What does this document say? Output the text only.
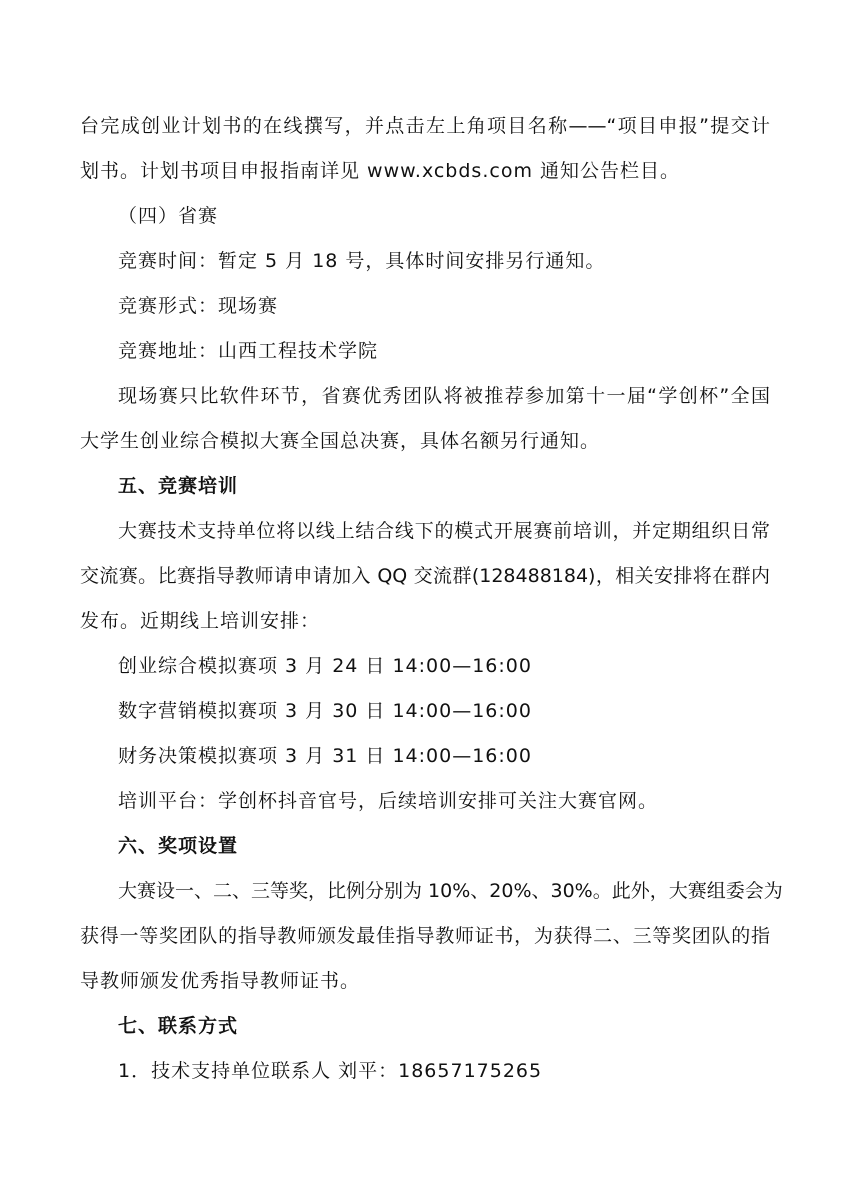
台完成创业计划书的在线撰写，并点击左上角项目名称——“项目申报”提交计
划书。计划书项目申报指南详见 www.xcbds.com 通知公告栏目。
（四）省赛
竞赛时间：暂定 5 月 18 号，具体时间安排另行通知。
竞赛形式：现场赛
竞赛地址：山西工程技术学院
现场赛只比软件环节，省赛优秀团队将被推荐参加第十一届“学创杯”全国
大学生创业综合模拟大赛全国总决赛，具体名额另行通知。
五、竞赛培训
大赛技术支持单位将以线上结合线下的模式开展赛前培训，并定期组织日常
交流赛。比赛指导教师请申请加入 QQ 交流群(128488184)，相关安排将在群内
发布。近期线上培训安排：
创业综合模拟赛项 3 月 24 日 14:00—16:00
数字营销模拟赛项 3 月 30 日 14:00—16:00
财务决策模拟赛项 3 月 31 日 14:00—16:00
培训平台：学创杯抖音官号，后续培训安排可关注大赛官网。
六、奖项设置
大赛设一、二、三等奖，比例分别为 10%、20%、30%。此外，大赛组委会为
获得一等奖团队的指导教师颁发最佳指导教师证书，为获得二、三等奖团队的指
导教师颁发优秀指导教师证书。
七、联系方式
1．技术支持单位联系人 刘平：18657175265
